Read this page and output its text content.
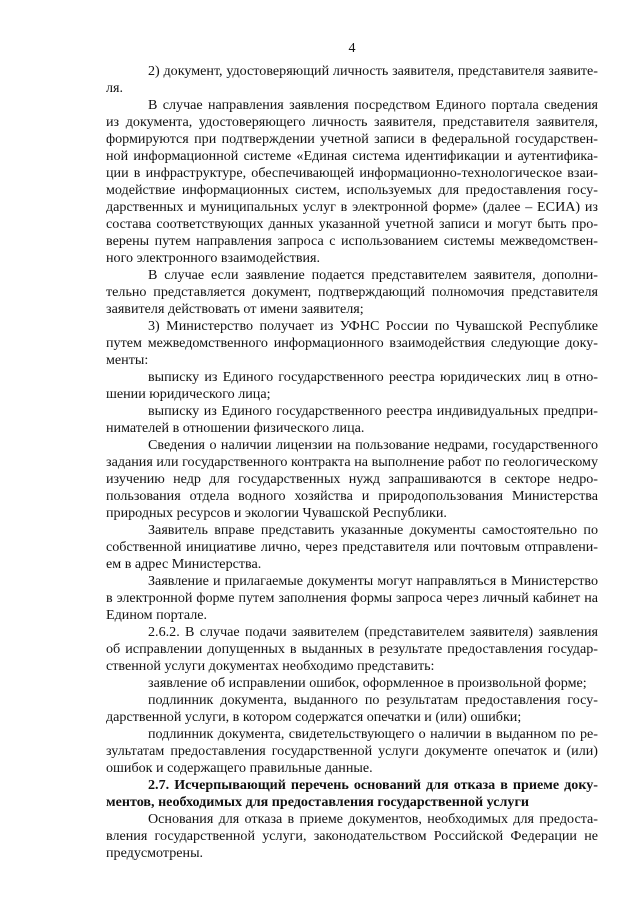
4

2) документ, удостоверяющий личность заявителя, представителя заявителя.

В случае направления заявления посредством Единого портала сведения из документа, удостоверяющего личность заявителя, представителя заявителя, формируются при подтверждении учетной записи в федеральной государственной информационной системе «Единая система идентификации и аутентификации в инфраструктуре, обеспечивающей информационно-технологическое взаимодействие информационных систем, используемых для предоставления государственных и муниципальных услуг в электронной форме» (далее – ЕСИА) из состава соответствующих данных указанной учетной записи и могут быть проверены путем направления запроса с использованием системы межведомственного электронного взаимодействия.

В случае если заявление подается представителем заявителя, дополнительно представляется документ, подтверждающий полномочия представителя заявителя действовать от имени заявителя;

3) Министерство получает из УФНС России по Чувашской Республике путем межведомственного информационного взаимодействия следующие документы:

выписку из Единого государственного реестра юридических лиц в отношении юридического лица;

выписку из Единого государственного реестра индивидуальных предпринимателей в отношении физического лица.

Сведения о наличии лицензии на пользование недрами, государственного задания или государственного контракта на выполнение работ по геологическому изучению недр для государственных нужд запрашиваются в секторе недропользования отдела водного хозяйства и природопользования Министерства природных ресурсов и экологии Чувашской Республики.

Заявитель вправе представить указанные документы самостоятельно по собственной инициативе лично, через представителя или почтовым отправлением в адрес Министерства.

Заявление и прилагаемые документы могут направляться в Министерство в электронной форме путем заполнения формы запроса через личный кабинет на Едином портале.

2.6.2. В случае подачи заявителем (представителем заявителя) заявления об исправлении допущенных в выданных в результате предоставления государственной услуги документах необходимо представить:

заявление об исправлении ошибок, оформленное в произвольной форме;

подлинник документа, выданного по результатам предоставления государственной услуги, в котором содержатся опечатки и (или) ошибки;

подлинник документа, свидетельствующего о наличии в выданном по результатам предоставления государственной услуги документе опечаток и (или) ошибок и содержащего правильные данные.

2.7. Исчерпывающий перечень оснований для отказа в приеме документов, необходимых для предоставления государственной услуги

Основания для отказа в приеме документов, необходимых для предоставления государственной услуги, законодательством Российской Федерации не предусмотрены.
